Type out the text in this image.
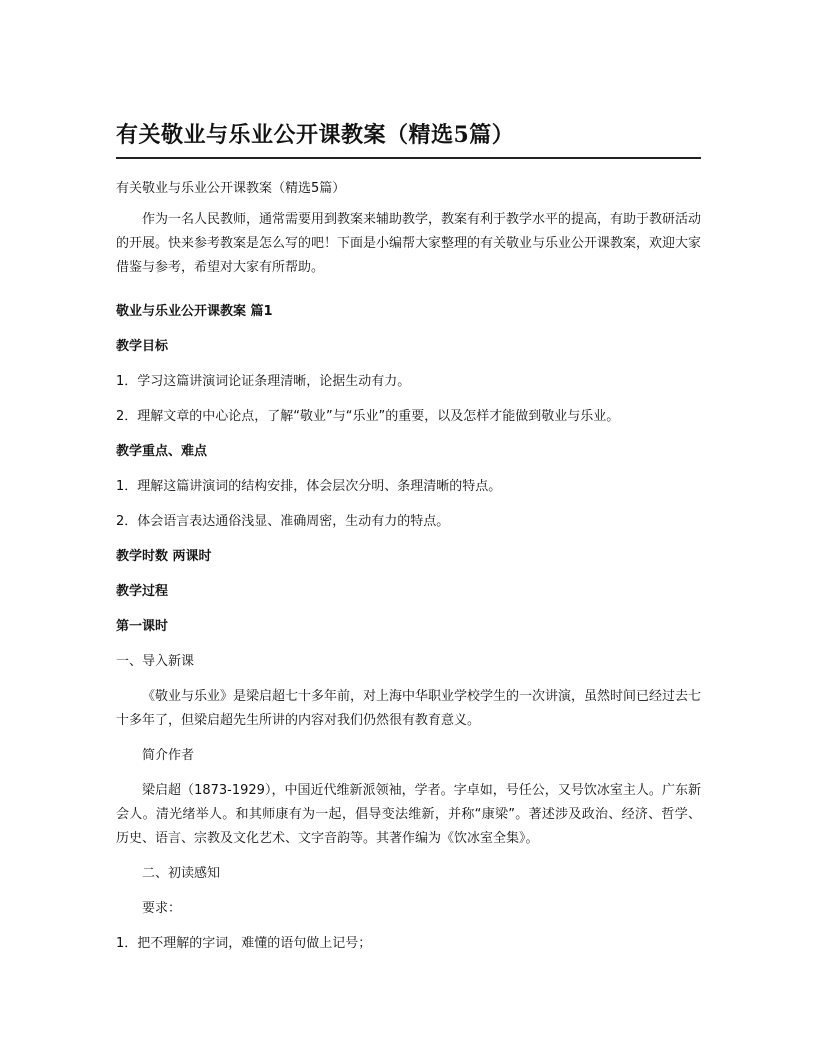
有关敬业与乐业公开课教案（精选5篇）

有关敬业与乐业公开课教案（精选5篇）

作为一名人民教师，通常需要用到教案来辅助教学，教案有利于教学水平的提高，有助于教研活动的开展。快来参考教案是怎么写的吧！下面是小编帮大家整理的有关敬业与乐业公开课教案，欢迎大家借鉴与参考，希望对大家有所帮助。

敬业与乐业公开课教案 篇1

教学目标

1．学习这篇讲演词论证条理清晰，论据生动有力。

2．理解文章的中心论点，了解“敬业”与“乐业”的重要，以及怎样才能做到敬业与乐业。

教学重点、难点

1．理解这篇讲演词的结构安排，体会层次分明、条理清晰的特点。

2．体会语言表达通俗浅显、准确周密，生动有力的特点。

教学时数 两课时

教学过程

第一课时

一、导入新课

《敬业与乐业》是梁启超七十多年前，对上海中华职业学校学生的一次讲演，虽然时间已经过去七十多年了，但梁启超先生所讲的内容对我们仍然很有教育意义。

简介作者

梁启超（1873-1929），中国近代维新派领袖，学者。字卓如，号任公，又号饮冰室主人。广东新会人。清光绪举人。和其师康有为一起，倡导变法维新，并称“康梁”。著述涉及政治、经济、哲学、历史、语言、宗教及文化艺术、文字音韵等。其著作编为《饮冰室全集》。

二、初读感知

要求：

1．把不理解的字词，难懂的语句做上记号；
